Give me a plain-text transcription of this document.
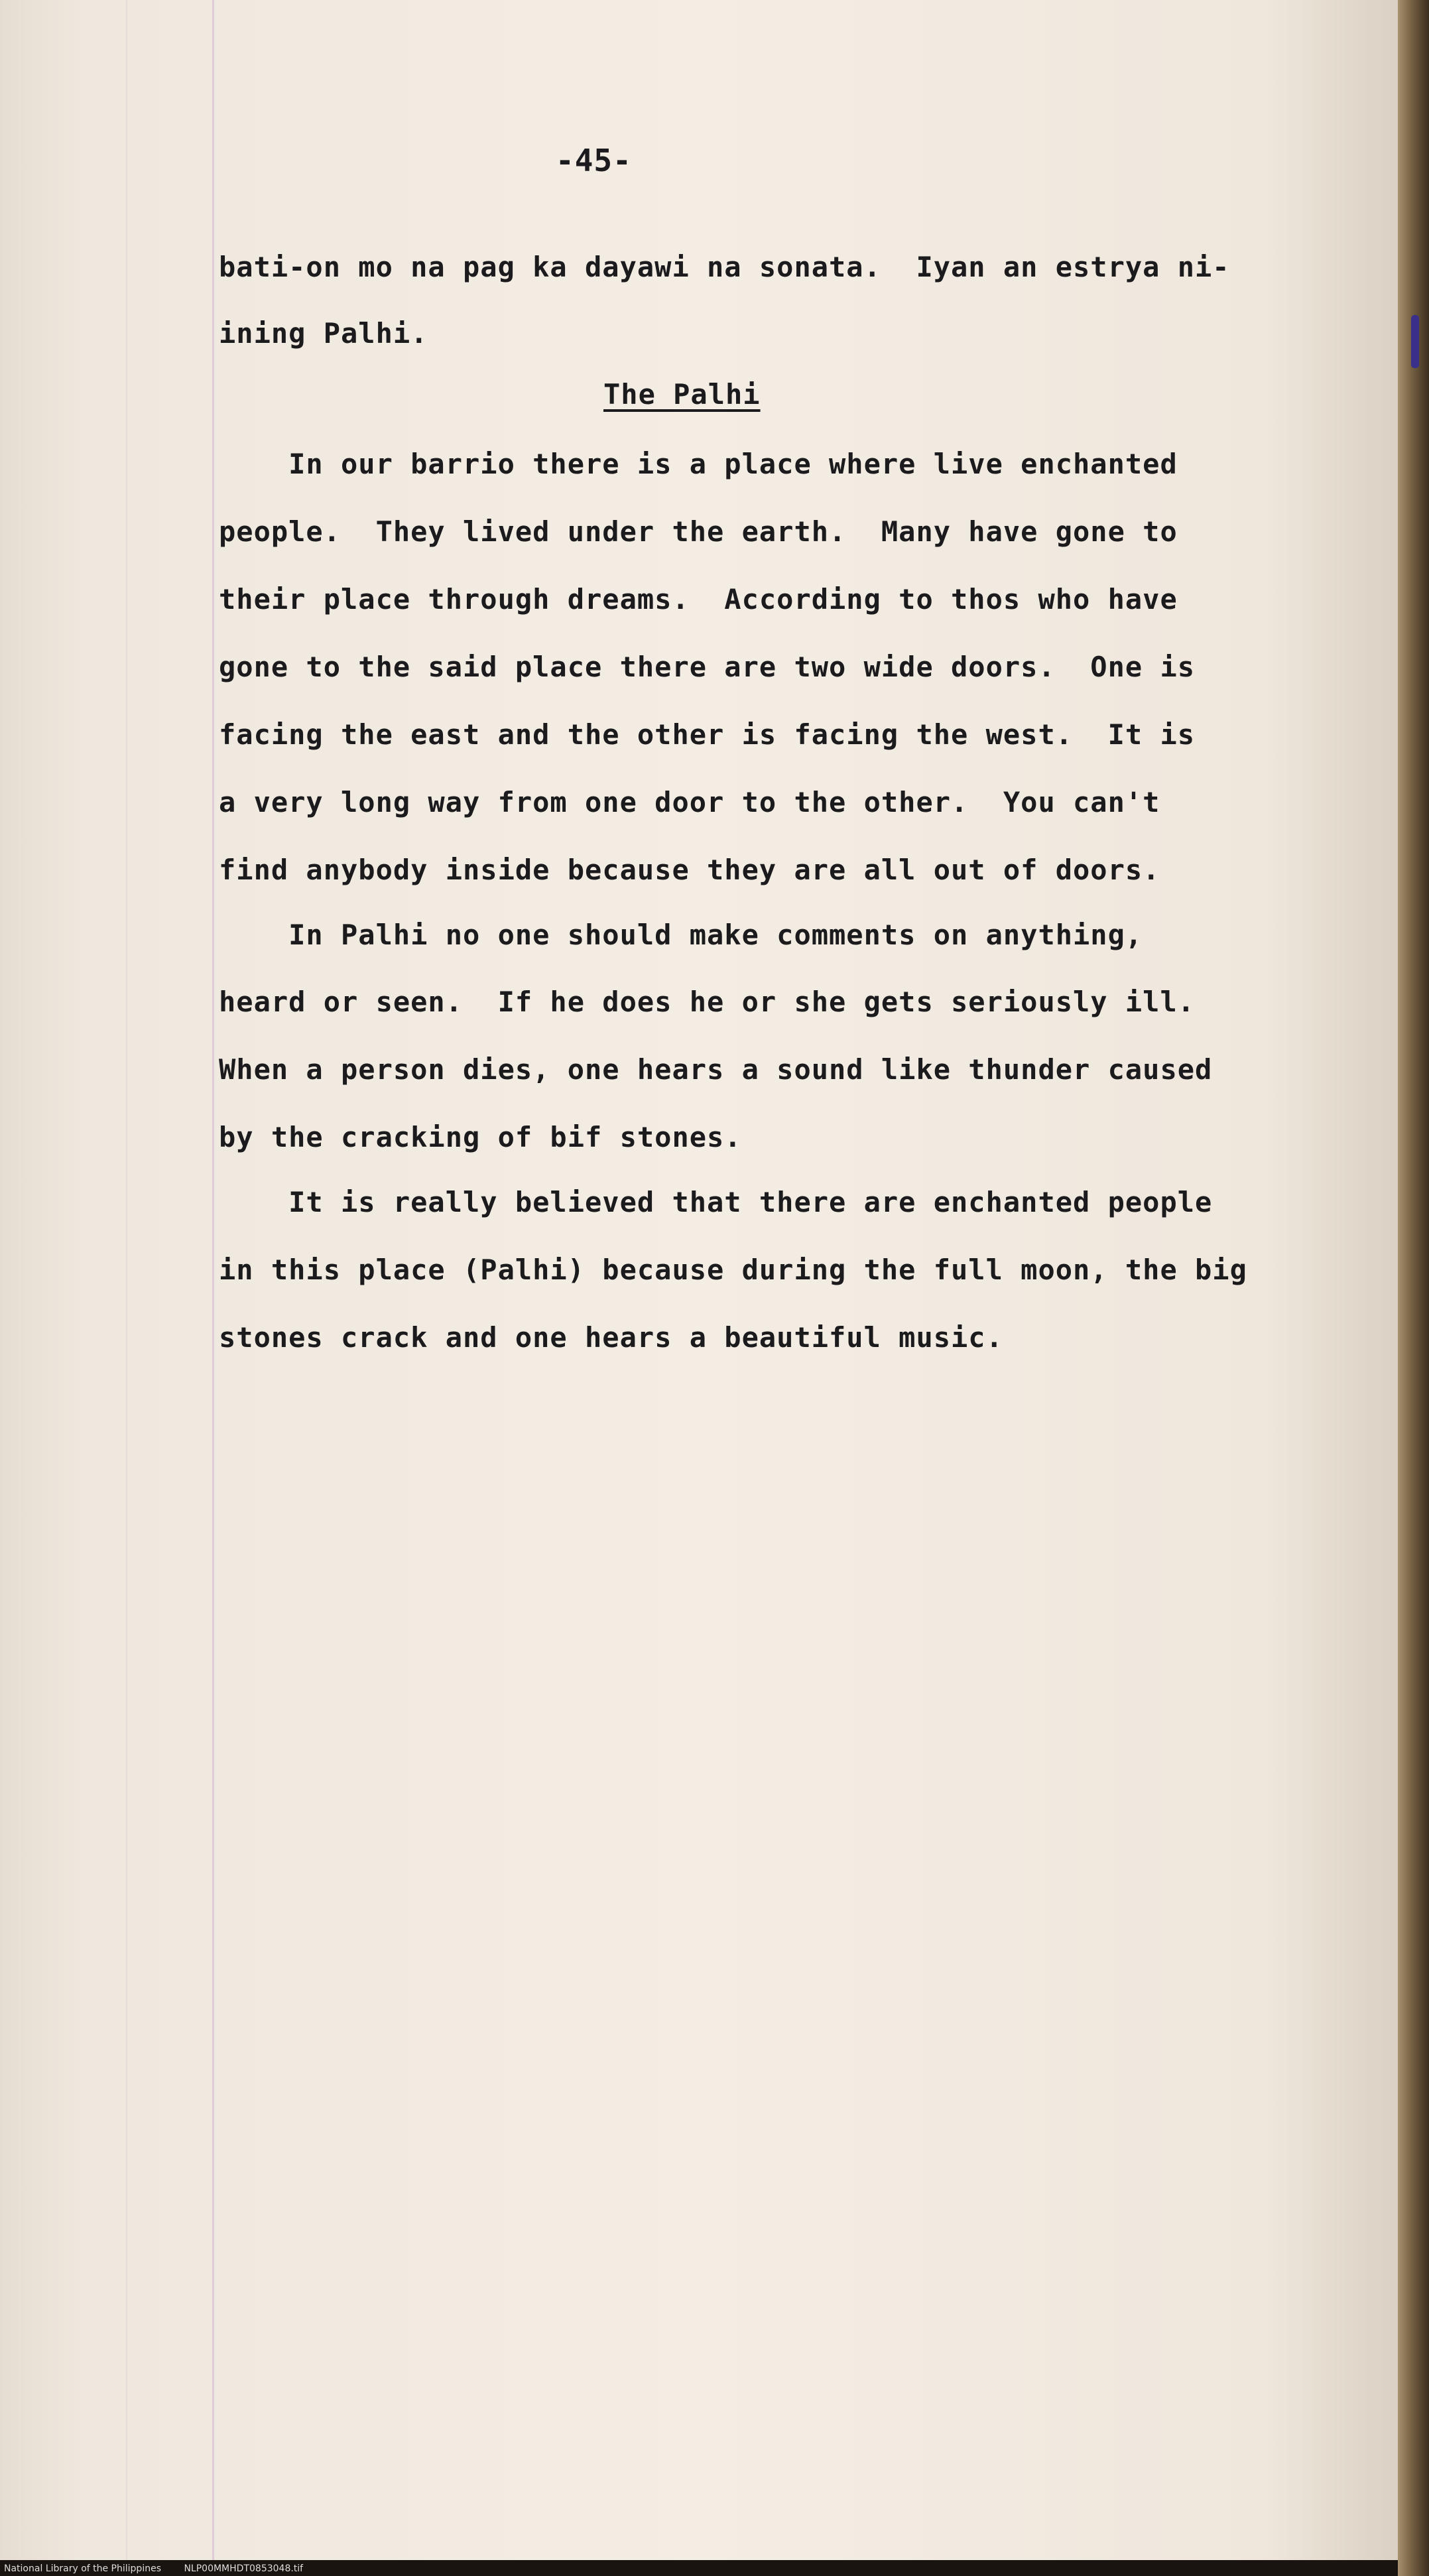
-45-
bati-on mo na pag ka dayawi na sonata.  Iyan an estrya ni-
ining Palhi.
The Palhi
In our barrio there is a place where live enchanted
people.  They lived under the earth.  Many have gone to
their place through dreams.  According to thos who have
gone to the said place there are two wide doors.  One is
facing the east and the other is facing the west.  It is
a very long way from one door to the other.  You can't
find anybody inside because they are all out of doors.
In Palhi no one should make comments on anything,
heard or seen.  If he does he or she gets seriously ill.
When a person dies, one hears a sound like thunder caused
by the cracking of bif stones.
It is really believed that there are enchanted people
in this place (Palhi) because during the full moon, the big
stones crack and one hears a beautiful music.
National Library of the Philippines NLP00MMHDT0853048.tif
